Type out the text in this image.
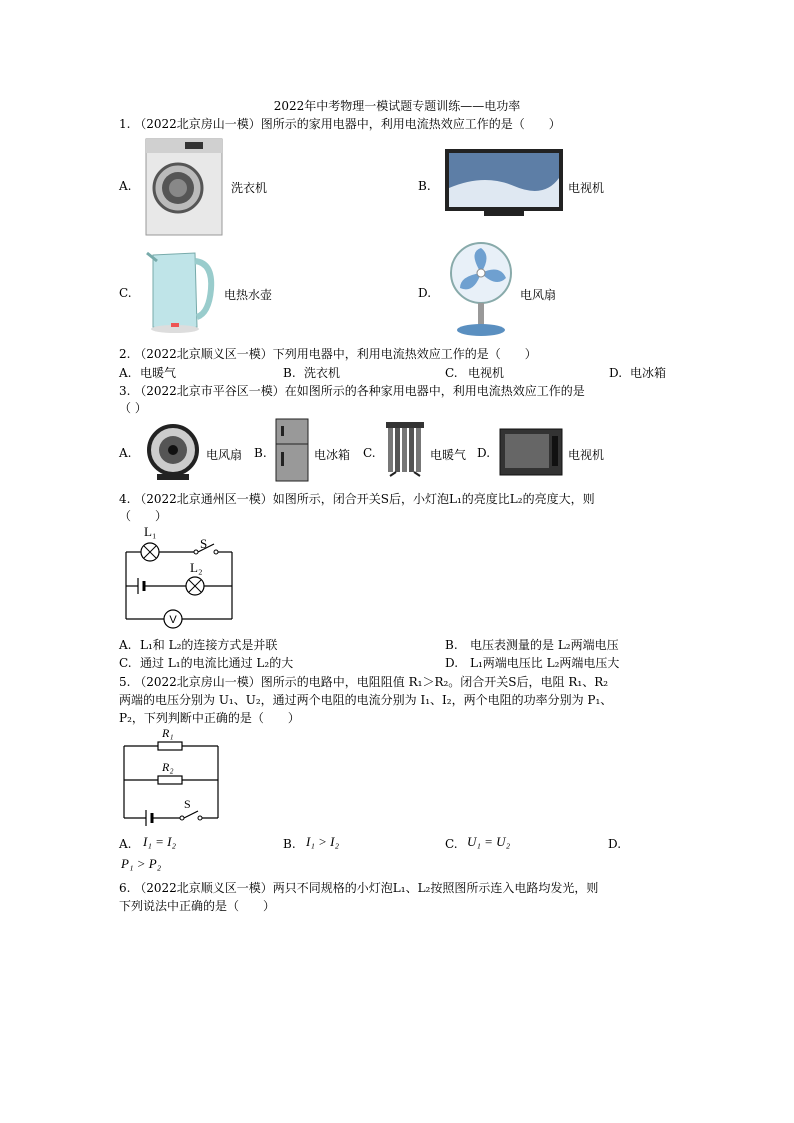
2022年中考物理一模试题专题训练——电功率
1. （2022北京房山一模）图所示的家用电器中，利用电流热效应工作的是（　　）
A.	洗衣机	B.	电视机
C.	电热水壶	D.	电风扇
2. （2022北京顺义区一模）下列用电器中，利用电流热效应工作的是（　　）
A. 电暖气	B. 洗衣机	C. 电视机	D. 电冰箱
3. （2022北京市平谷区一模）在如图所示的各种家用电器中，利用电流热效应工作的是
（ ）
A.	电风扇 B.	电冰箱 C.	电暖气 D.	电视机
4. （2022北京通州区一模）如图所示，闭合开关S后，小灯泡L₁的亮度比L₂的亮度大，则
（　　）
V
L₁
S
L₂
A. L₁和 L₂的连接方式是并联	B. 电压表测量的是 L₂两端电压
C. 通过 L₁的电流比通过 L₂的大	D. L₁两端电压比 L₂两端电压大
5. （2022北京房山一模）图所示的电路中，电阻阻值 R₁＞R₂。闭合开关S后，电阻 R₁、R₂
两端的电压分别为 U₁、U₂，通过两个电阻的电流分别为 I₁、I₂，两个电阻的功率分别为 P₁、
P₂，下列判断中正确的是（　　）
R₁
R₂
S
A. I₁ = I₂	B. I₁ > I₂	C. U₁ = U₂	D.
P₁ > P₂
6. （2022北京顺义区一模）两只不同规格的小灯泡L₁、L₂按照图所示连入电路均发光，则
下列说法中正确的是（　　）
